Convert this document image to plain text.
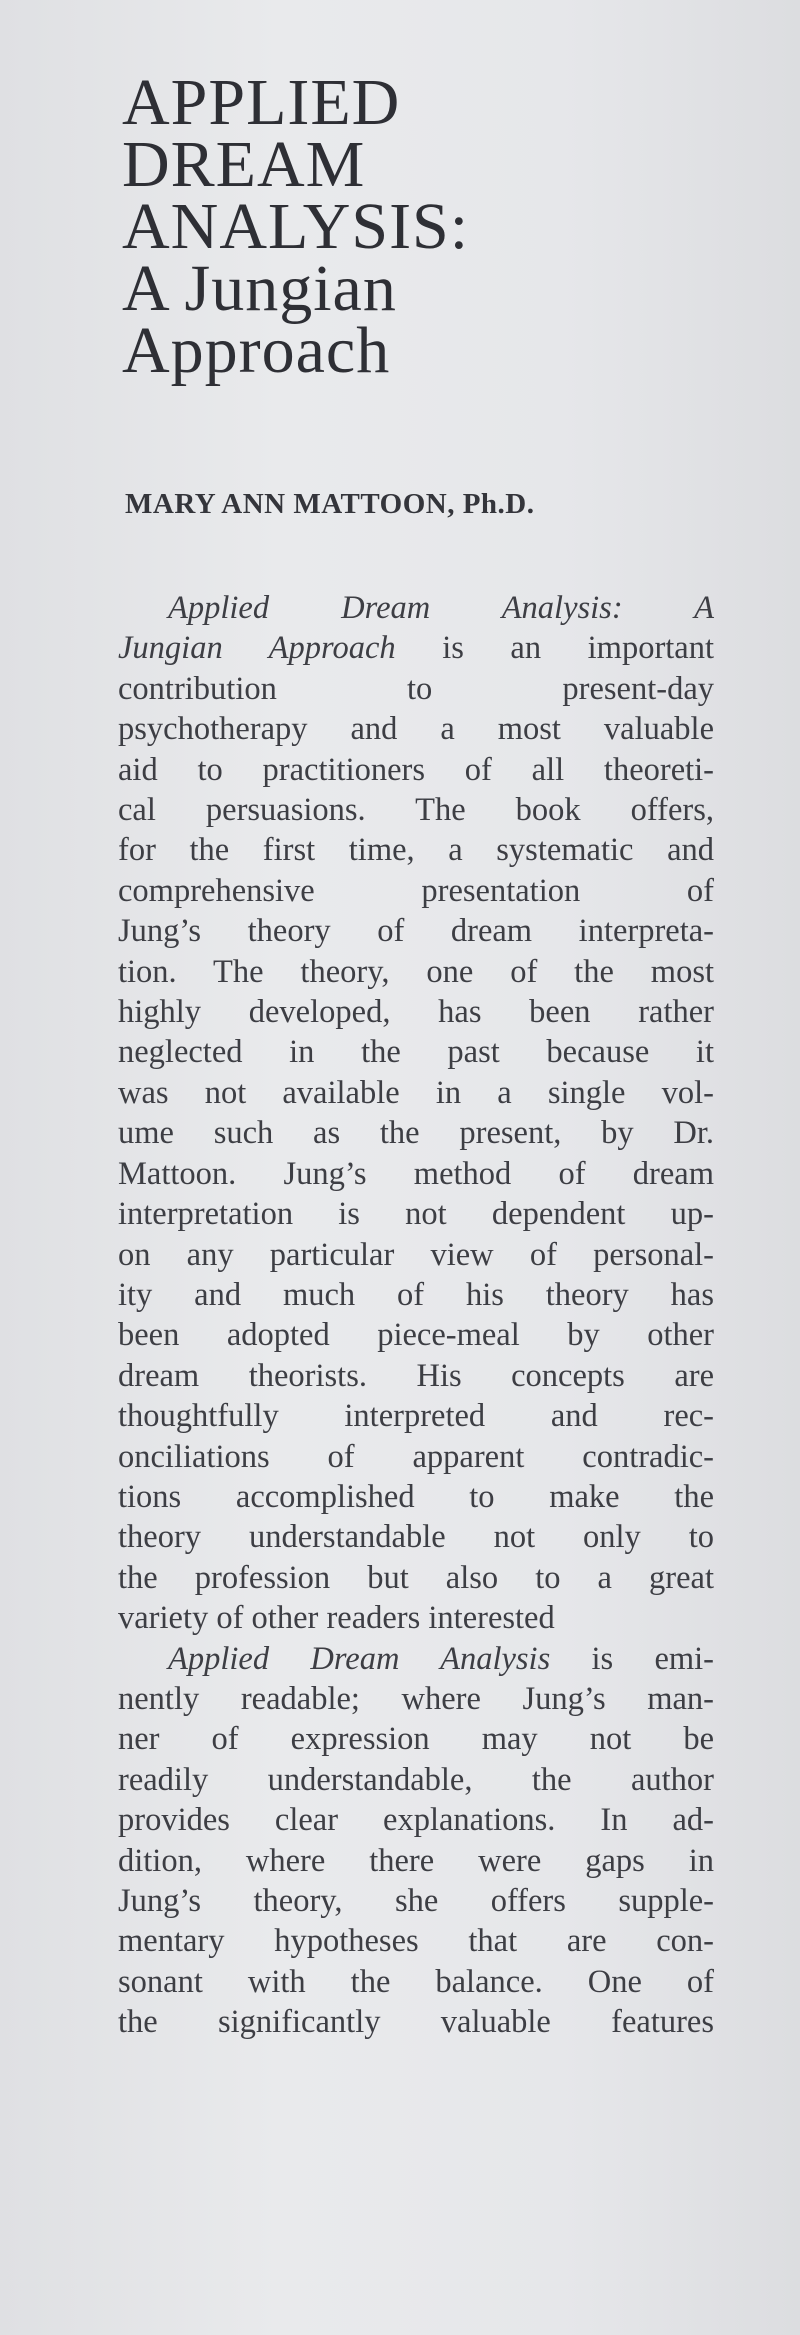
APPLIED
DREAM
ANALYSIS:
A Jungian
Approach

MARY ANN MATTOON, Ph.D.

Applied Dream Analysis: A
Jungian Approach is an important
contribution to present-day
psychotherapy and a most valuable
aid to practitioners of all theoreti-
cal persuasions. The book offers,
for the first time, a systematic and
comprehensive presentation of
Jung’s theory of dream interpreta-
tion. The theory, one of the most
highly developed, has been rather
neglected in the past because it
was not available in a single vol-
ume such as the present, by Dr.
Mattoon. Jung’s method of dream
interpretation is not dependent up-
on any particular view of personal-
ity and much of his theory has
been adopted piece-meal by other
dream theorists. His concepts are
thoughtfully interpreted and rec-
onciliations of apparent contradic-
tions accomplished to make the
theory understandable not only to
the profession but also to a great
variety of other readers interested

Applied Dream Analysis is emi-
nently readable; where Jung’s man-
ner of expression may not be
readily understandable, the author
provides clear explanations. In ad-
dition, where there were gaps in
Jung’s theory, she offers supple-
mentary hypotheses that are con-
sonant with the balance. One of
the significantly valuable features
